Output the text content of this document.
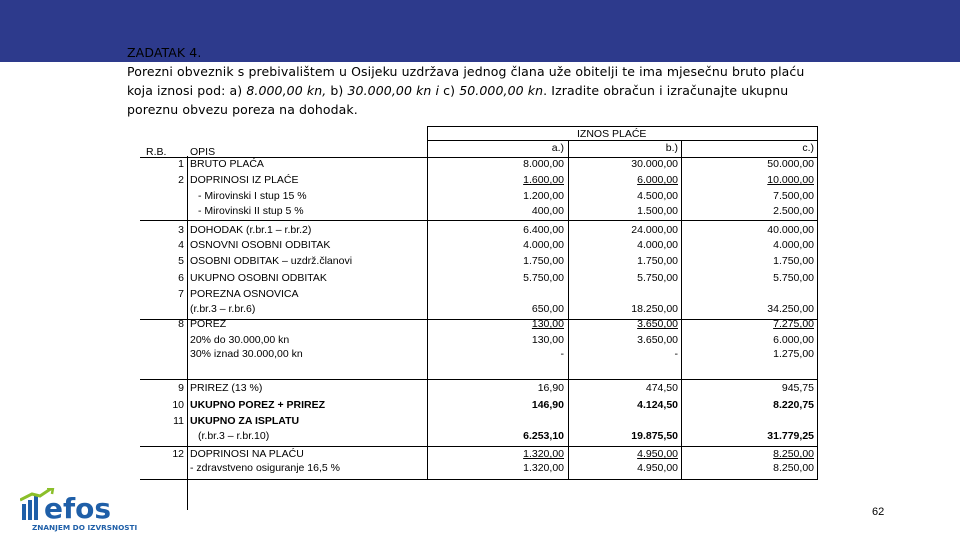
ZADATAK 4.
Porezni obveznik s prebivalištem u Osijeku uzdržava jednog člana uže obitelji te ima mjesečnu bruto plaću koja iznosi pod: a) 8.000,00 kn, b) 30.000,00 kn i c) 50.000,00 kn. Izradite obračun i izračunajte ukupnu poreznu obvezu poreza na dohodak.
R.B. OPIS
IZNOS PLAĆE
a.)	b.)	c.)
1 BRUTO PLAĆA	8.000,00	30.000,00	50.000,00
2 DOPRINOSI IZ PLAĆE	1.600,00	6.000,00	10.000,00
- Mirovinski I stup 15 %	1.200,00	4.500,00	7.500,00
- Mirovinski II stup 5 %	400,00	1.500,00	2.500,00
3 DOHODAK (r.br.1 – r.br.2)	6.400,00	24.000,00	40.000,00
4 OSNOVNI OSOBNI ODBITAK	4.000,00	4.000,00	4.000,00
5 OSOBNI ODBITAK – uzdrž.članovi	1.750,00	1.750,00	1.750,00
6 UKUPNO OSOBNI ODBITAK	5.750,00	5.750,00	5.750,00
7 POREZNA OSNOVICA
(r.br.3 – r.br.6)	650,00	18.250,00	34.250,00
8 POREZ	130,00	3.650,00	7.275,00
20% do 30.000,00 kn	130,00	3.650,00	6.000,00
30% iznad 30.000,00 kn	-	-	1.275,00
9 PRIREZ (13 %)	16,90	474,50	945,75
10 UKUPNO POREZ + PRIREZ	146,90	4.124,50	8.220,75
11 UKUPNO ZA ISPLATU
(r.br.3 – r.br.10)	6.253,10	19.875,50	31.779,25
12 DOPRINOSI NA PLAĆU	1.320,00	4.950,00	8.250,00
- zdravstveno osiguranje 16,5 %	1.320,00	4.950,00	8.250,00
efos
ZNANJEM DO IZVRSNOSTI
62
